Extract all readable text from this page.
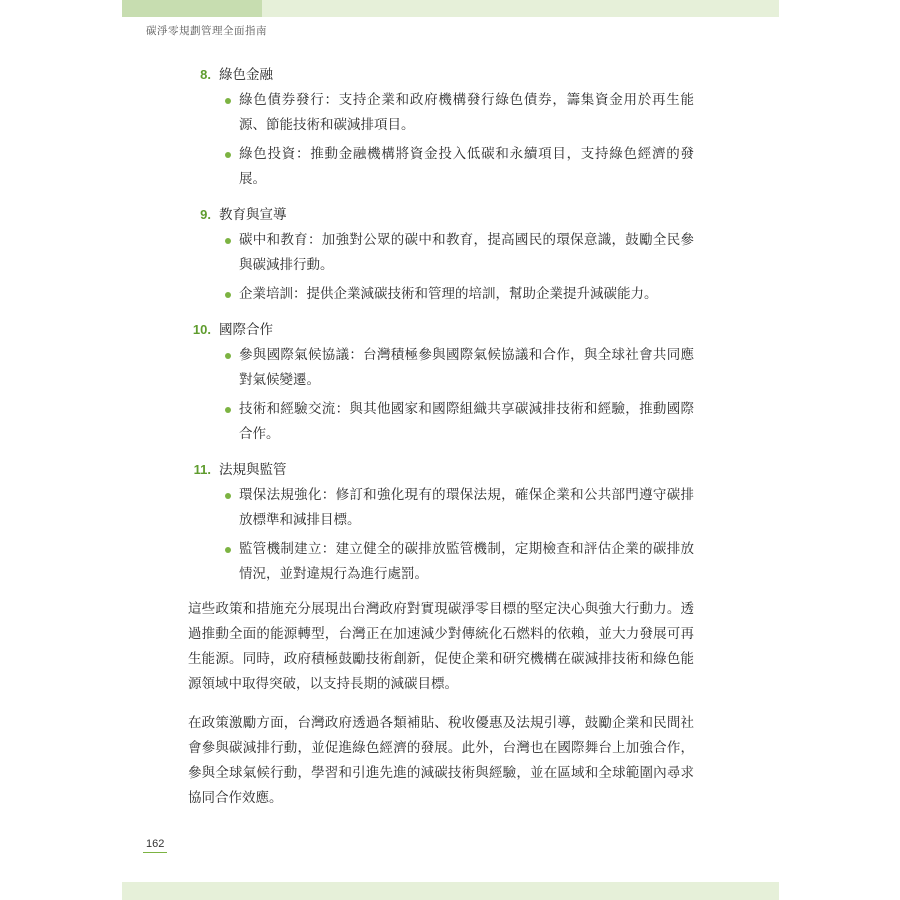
碳淨零規劃管理全面指南
8. 綠色金融
綠色債券發行：支持企業和政府機構發行綠色債券，籌集資金用於再生能源、節能技術和碳減排項目。
綠色投資：推動金融機構將資金投入低碳和永續項目，支持綠色經濟的發展。
9. 教育與宣導
碳中和教育：加強對公眾的碳中和教育，提高國民的環保意識，鼓勵全民參與碳減排行動。
企業培訓：提供企業減碳技術和管理的培訓，幫助企業提升減碳能力。
10. 國際合作
參與國際氣候協議：台灣積極參與國際氣候協議和合作，與全球社會共同應對氣候變遷。
技術和經驗交流：與其他國家和國際組織共享碳減排技術和經驗，推動國際合作。
11. 法規與監管
環保法規強化：修訂和強化現有的環保法規，確保企業和公共部門遵守碳排放標準和減排目標。
監管機制建立：建立健全的碳排放監管機制，定期檢查和評估企業的碳排放情況，並對違規行為進行處罰。

這些政策和措施充分展現出台灣政府對實現碳淨零目標的堅定決心與強大行動力。透過推動全面的能源轉型，台灣正在加速減少對傳統化石燃料的依賴，並大力發展可再生能源。同時，政府積極鼓勵技術創新，促使企業和研究機構在碳減排技術和綠色能源領域中取得突破，以支持長期的減碳目標。

在政策激勵方面，台灣政府透過各類補貼、稅收優惠及法規引導，鼓勵企業和民間社會參與碳減排行動，並促進綠色經濟的發展。此外，台灣也在國際舞台上加強合作，參與全球氣候行動，學習和引進先進的減碳技術與經驗，並在區域和全球範圍內尋求協同合作效應。

162
